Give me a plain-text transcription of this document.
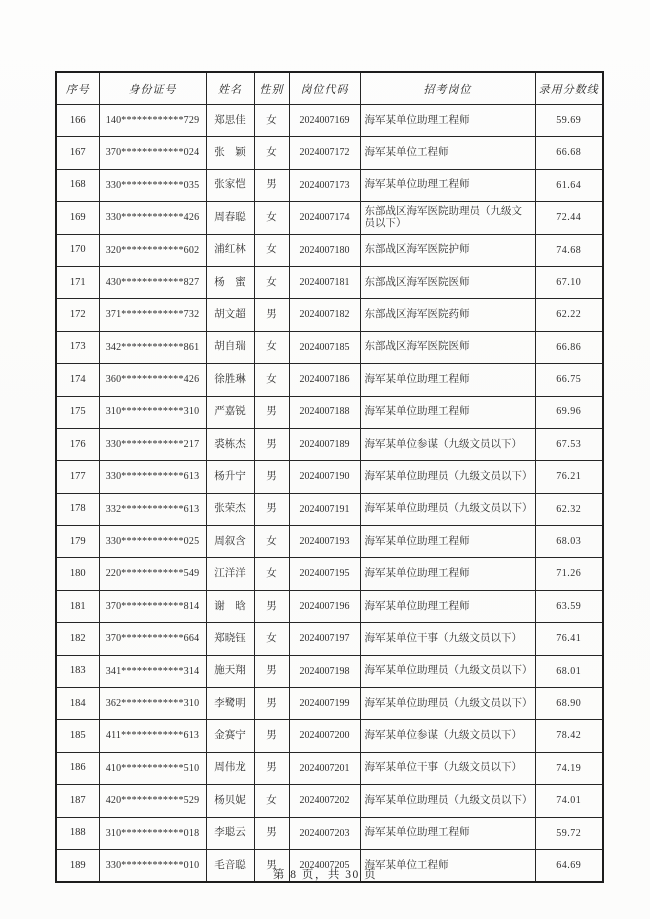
序号	身份证号	姓名	性别	岗位代码	招考岗位	录用分数线
166	140************729	郑思佳	女	2024007169	海军某单位助理工程师	59.69
167	370************024	张　颖	女	2024007172	海军某单位工程师	66.68
168	330************035	张家恺	男	2024007173	海军某单位助理工程师	61.64
169	330************426	周春聪	女	2024007174	东部战区海军医院助理员（九级文员以下）	72.44
170	320************602	浦红林	女	2024007180	东部战区海军医院护师	74.68
171	430************827	杨　蜜	女	2024007181	东部战区海军医院医师	67.10
172	371************732	胡文超	男	2024007182	东部战区海军医院药师	62.22
173	342************861	胡自瑞	女	2024007185	东部战区海军医院医师	66.86
174	360************426	徐胜琳	女	2024007186	海军某单位助理工程师	66.75
175	310************310	严嘉锐	男	2024007188	海军某单位助理工程师	69.96
176	330************217	裘栋杰	男	2024007189	海军某单位参谋（九级文员以下）	67.53
177	330************613	杨升宁	男	2024007190	海军某单位助理员（九级文员以下）	76.21
178	332************613	张荣杰	男	2024007191	海军某单位助理员（九级文员以下）	62.32
179	330************025	周叙含	女	2024007193	海军某单位助理工程师	68.03
180	220************549	江洋洋	女	2024007195	海军某单位助理工程师	71.26
181	370************814	谢　晗	男	2024007196	海军某单位助理工程师	63.59
182	370************664	郑晓钰	女	2024007197	海军某单位干事（九级文员以下）	76.41
183	341************314	施天翔	男	2024007198	海军某单位助理员（九级文员以下）	68.01
184	362************310	李鹭明	男	2024007199	海军某单位助理员（九级文员以下）	68.90
185	411************613	金赛宁	男	2024007200	海军某单位参谋（九级文员以下）	78.42
186	410************510	周伟龙	男	2024007201	海军某单位干事（九级文员以下）	74.19
187	420************529	杨贝妮	女	2024007202	海军某单位助理员（九级文员以下）	74.01
188	310************018	李聪云	男	2024007203	海军某单位助理工程师	59.72
189	330************010	毛音聪	男	2024007205	海军某单位工程师	64.69
第 8 页，共 30 页
